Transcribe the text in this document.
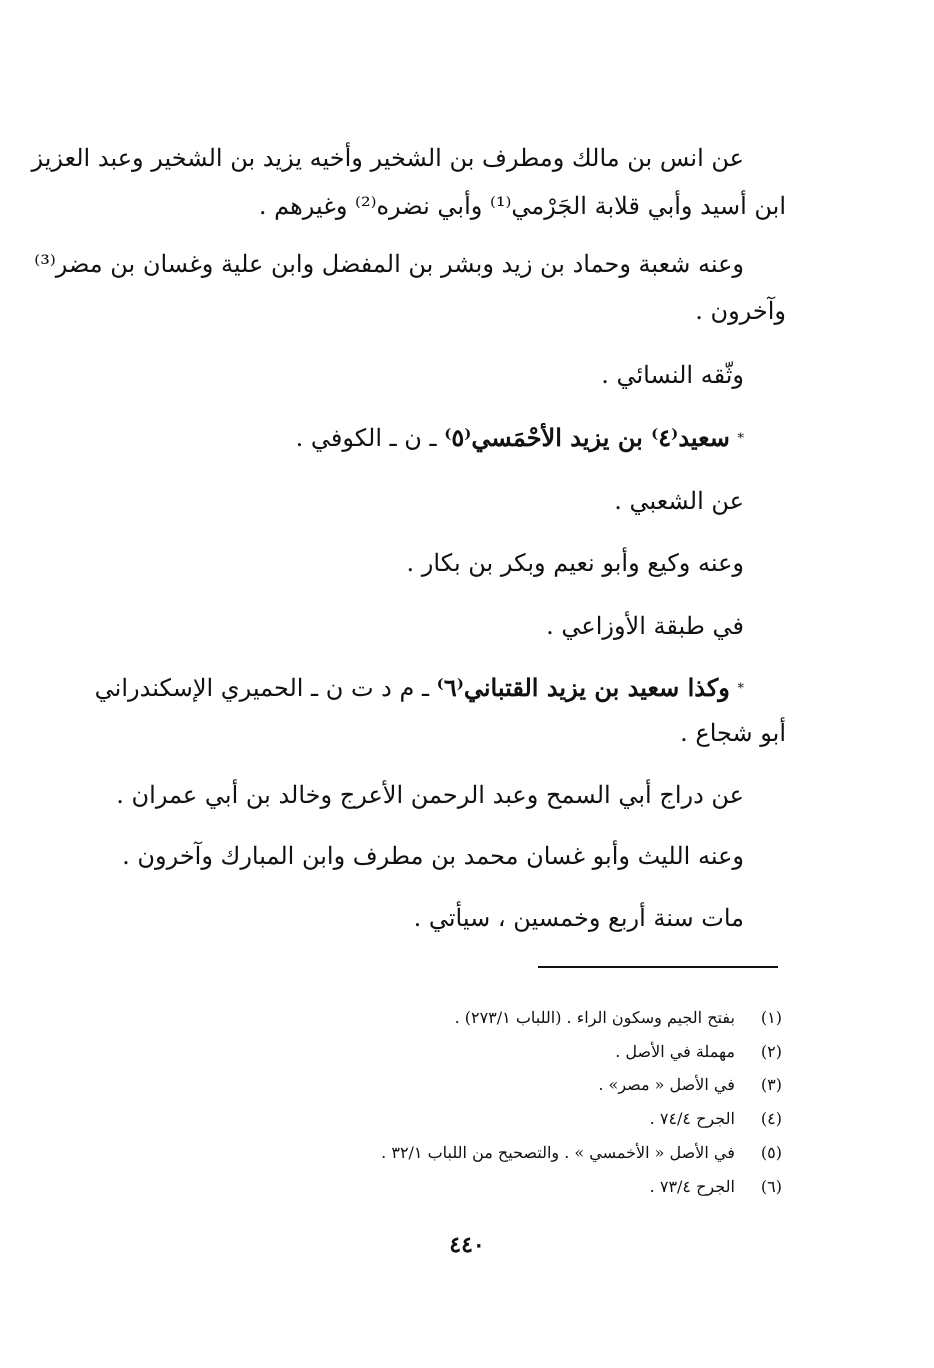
عن انس بن مالك ومطرف بن الشخير وأخيه يزيد بن الشخير وعبد العزيز
ابن أسيد وأبي قلابة الجَرْمي⁽¹⁾ وأبي نضره⁽²⁾ وغيرهم .
وعنه شعبة وحماد بن زيد وبشر بن المفضل وابن علية وغسان بن مضر⁽³⁾
وآخرون .
وثّقه النسائي .
* سعيد⁽٤⁾ بن يزيد الأحْمَسي⁽٥⁾ ـ ن ـ الكوفي .
عن الشعبي .
وعنه وكيع وأبو نعيم وبكر بن بكار .
في طبقة الأوزاعي .
* وكذا سعيد بن يزيد القتباني⁽٦⁾ ـ م د ت ن ـ الحميري الإسكندراني
أبو شجاع .
عن دراج أبي السمح وعبد الرحمن الأعرج وخالد بن أبي عمران .
وعنه الليث وأبو غسان محمد بن مطرف وابن المبارك وآخرون .
مات سنة أربع وخمسين ، سيأتي .
(١) بفتح الجيم وسكون الراء . (اللباب ٢٧٣/١) .
(٢) مهملة في الأصل .
(٣) في الأصل « مصر» .
(٤) الجرح ٧٤/٤ .
(٥) في الأصل « الأخمسي » . والتصحيح من اللباب ٣٢/١ .
(٦) الجرح ٧٣/٤ .
٤٤٠
